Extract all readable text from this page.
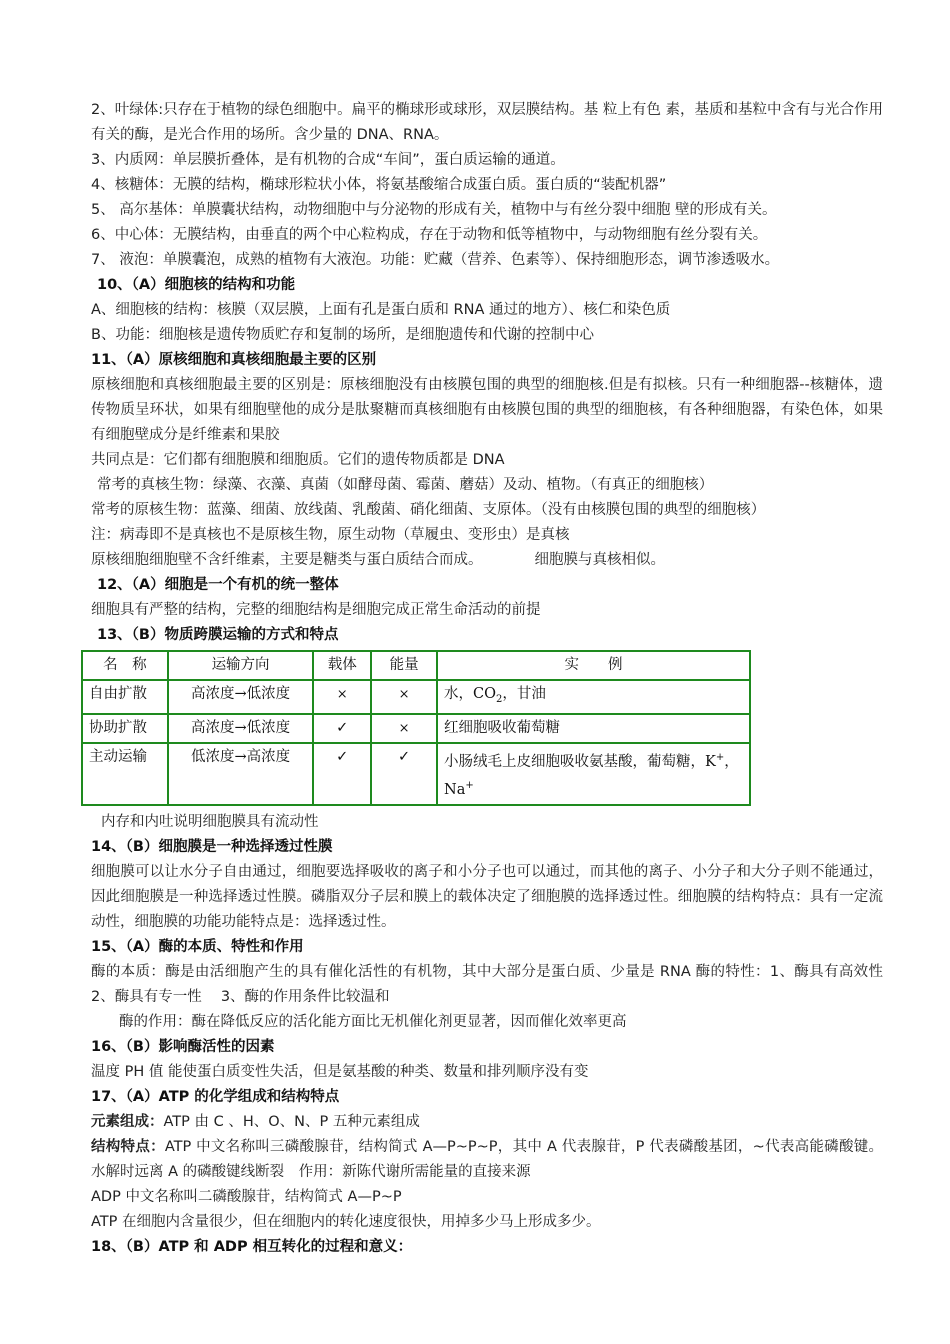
2、叶绿体:只存在于植物的绿色细胞中。扁平的椭球形或球形，双层膜结构。基 粒上有色 素，基质和基粒中含有与光合作用有关的酶，是光合作用的场所。含少量的 DNA、RNA。
3、内质网：单层膜折叠体，是有机物的合成“车间”，蛋白质运输的通道。
4、核糖体：无膜的结构，椭球形粒状小体，将氨基酸缩合成蛋白质。蛋白质的“装配机器”
5、 高尔基体：单膜囊状结构，动物细胞中与分泌物的形成有关，植物中与有丝分裂中细胞 壁的形成有关。
6、中心体：无膜结构，由垂直的两个中心粒构成，存在于动物和低等植物中，与动物细胞有丝分裂有关。
7、 液泡：单膜囊泡，成熟的植物有大液泡。功能：贮藏（营养、色素等）、保持细胞形态，调节渗透吸水。
10、（A）细胞核的结构和功能
A、细胞核的结构：核膜（双层膜，上面有孔是蛋白质和 RNA 通过的地方）、核仁和染色质
B、功能：细胞核是遗传物质贮存和复制的场所，是细胞遗传和代谢的控制中心
11、（A）原核细胞和真核细胞最主要的区别
原核细胞和真核细胞最主要的区别是：原核细胞没有由核膜包围的典型的细胞核.但是有拟核。只有一种细胞器--核糖体，遗传物质呈环状，如果有细胞壁他的成分是肽聚糖而真核细胞有由核膜包围的典型的细胞核，有各种细胞器，有染色体，如果有细胞壁成分是纤维素和果胶
共同点是：它们都有细胞膜和细胞质。它们的遗传物质都是 DNA
常考的真核生物：绿藻、衣藻、真菌（如酵母菌、霉菌、蘑菇）及动、植物。（有真正的细胞核）
常考的原核生物：蓝藻、细菌、放线菌、乳酸菌、硝化细菌、支原体。（没有由核膜包围的典型的细胞核）
注：病毒即不是真核也不是原核生物，原生动物（草履虫、变形虫）是真核
原核细胞细胞壁不含纤维素，主要是糖类与蛋白质结合而成。	细胞膜与真核相似。
12、（A）细胞是一个有机的统一整体
细胞具有严整的结构，完整的细胞结构是细胞完成正常生命活动的前提
13、（B）物质跨膜运输的方式和特点
名　称	运输方向	载体	能量	实　　例
自由扩散	高浓度→低浓度	×	×	水，$CO_2$，甘油
协助扩散	高浓度→低浓度	✓	×	红细胞吸收葡萄糖
主动运输	低浓度→高浓度	✓	✓	小肠绒毛上皮细胞吸收氨基酸，葡萄糖，K+，Na+
内存和内吐说明细胞膜具有流动性
14、（B）细胞膜是一种选择透过性膜
细胞膜可以让水分子自由通过，细胞要选择吸收的离子和小分子也可以通过，而其他的离子、小分子和大分子则不能通过，因此细胞膜是一种选择透过性膜。磷脂双分子层和膜上的载体决定了细胞膜的选择透过性。细胞膜的结构特点：具有一定流动性，细胞膜的功能功能特点是：选择透过性。
15、（A）酶的本质、特性和作用
酶的本质：酶是由活细胞产生的具有催化活性的有机物，其中大部分是蛋白质、少量是 RNA 酶的特性：1、酶具有高效性　 2、酶具有专一性　 3、酶的作用条件比较温和
酶的作用：酶在降低反应的活化能方面比无机催化剂更显著，因而催化效率更高
16、（B）影响酶活性的因素
温度 PH 值 能使蛋白质变性失活，但是氨基酸的种类、数量和排列顺序没有变
17、（A）ATP 的化学组成和结构特点
元素组成：ATP 由 C 、H、O、N、P 五种元素组成
结构特点：ATP 中文名称叫三磷酸腺苷，结构简式 A—P~P~P，其中 A 代表腺苷，P 代表磷酸基团，~代表高能磷酸键。水解时远离 A 的磷酸键线断裂　作用：新陈代谢所需能量的直接来源
ADP 中文名称叫二磷酸腺苷，结构简式 A—P~P
ATP 在细胞内含量很少，但在细胞内的转化速度很快，用掉多少马上形成多少。
18、（B）ATP 和 ADP 相互转化的过程和意义：
